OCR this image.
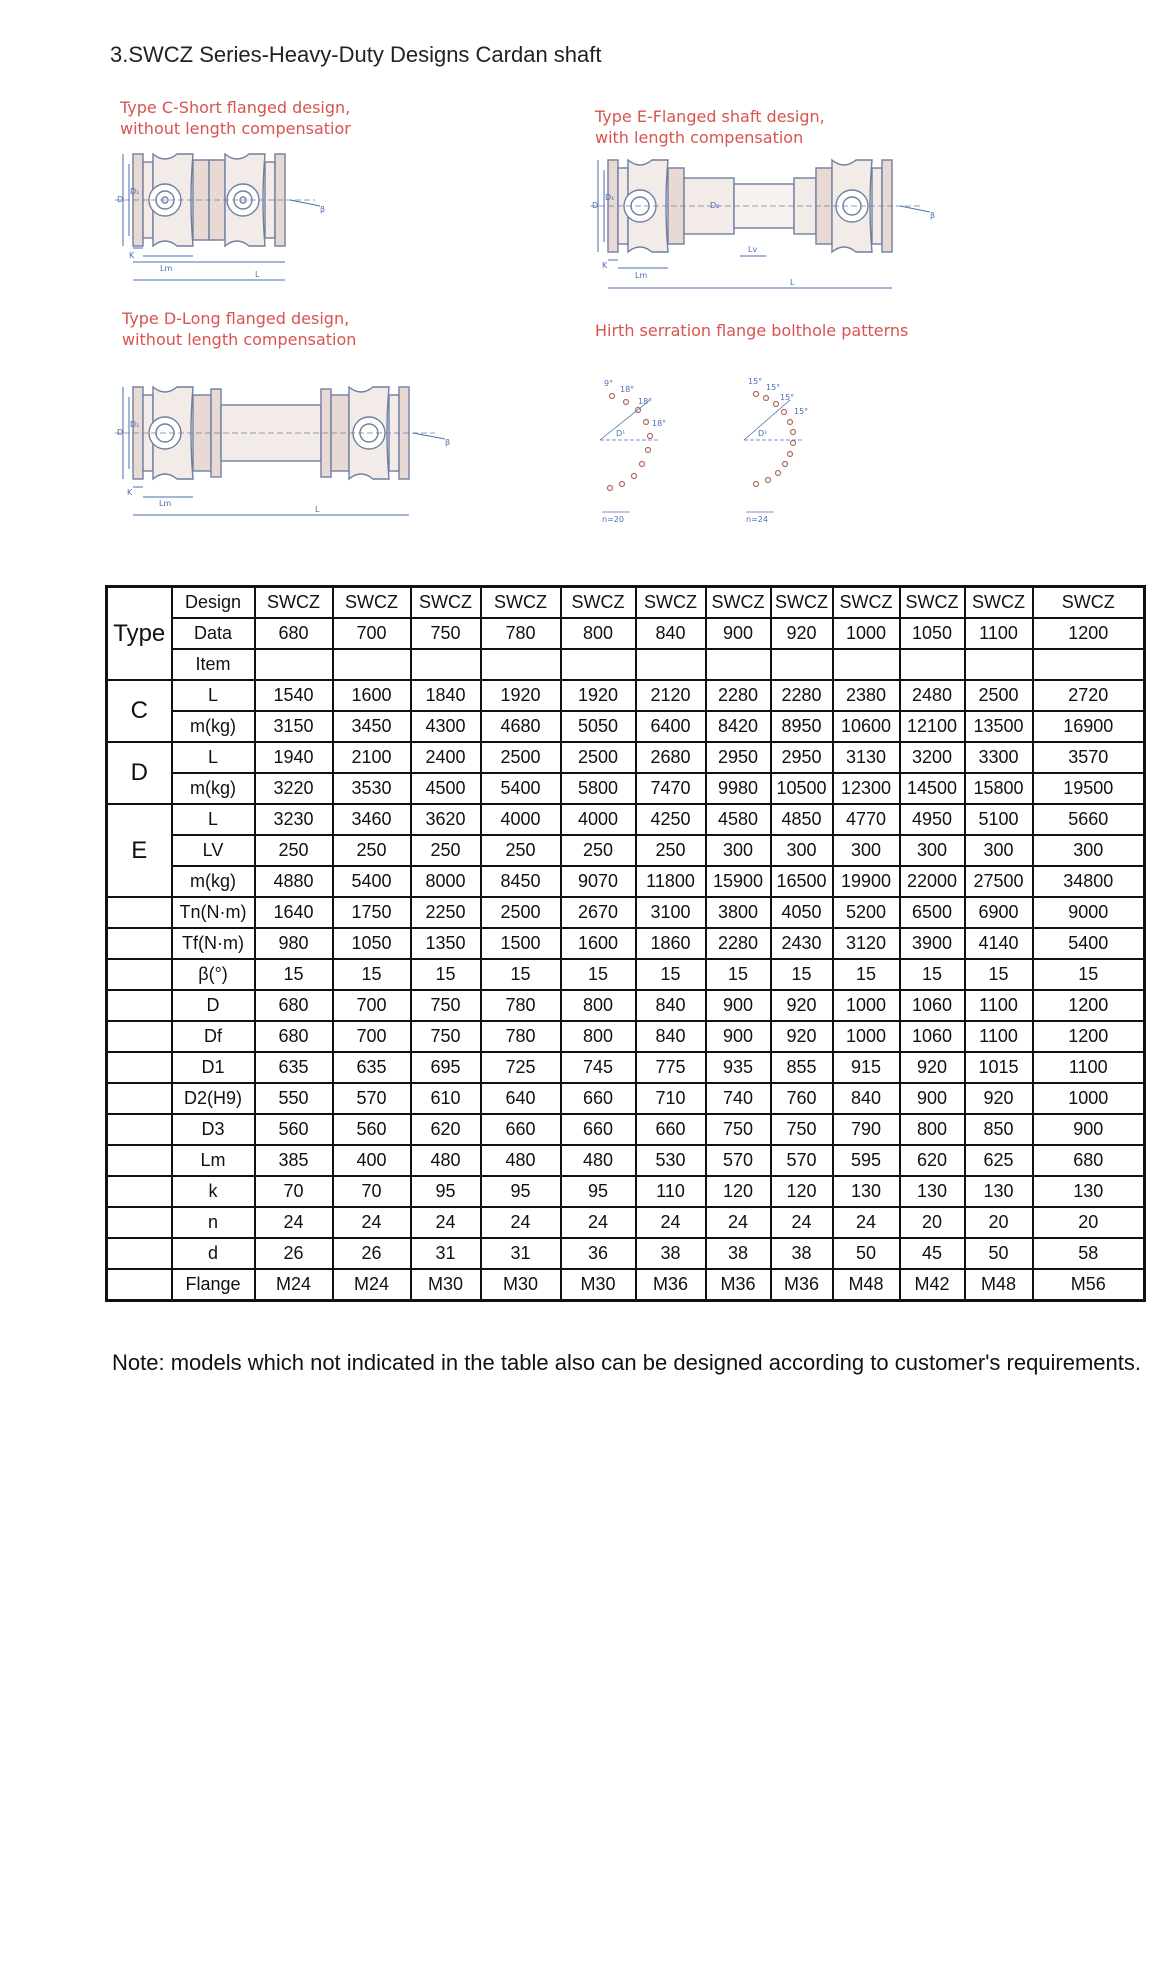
3.SWCZ Series-Heavy-Duty Designs Cardan shaft
Type C-Short flanged design,
without length compensatior
Type E-Flanged shaft design,
with length compensation
Type D-Long flanged design,
without length compensation	Hirth serration flange bolthole patterns
D
D₁
K
Lm
L
β	D
D₁
D₂
K
Lm
Lv
L
β
D
D₁
K
Lm
L
β
9°
18°
18°
18°
D¹
n=20
15°
15°
15°
15°
D¹
n=24
Type	Design	SWCZ	SWCZ	SWCZ	SWCZ	SWCZ	SWCZ	SWCZ	SWCZ	SWCZ	SWCZ	SWCZ	SWCZ
	Data	680	700	750	780	800	840	900	920	1000	1050	1100	1200
	Item												
C	L	1540	1600	1840	1920	1920	2120	2280	2280	2380	2480	2500	2720
	m(kg)	3150	3450	4300	4680	5050	6400	8420	8950	10600	12100	13500	16900
D	L	1940	2100	2400	2500	2500	2680	2950	2950	3130	3200	3300	3570
	m(kg)	3220	3530	4500	5400	5800	7470	9980	10500	12300	14500	15800	19500
E	L	3230	3460	3620	4000	4000	4250	4580	4850	4770	4950	5100	5660
	LV	250	250	250	250	250	250	300	300	300	300	300	300
	m(kg)	4880	5400	8000	8450	9070	11800	15900	16500	19900	22000	27500	34800
	Tn(N·m)	1640	1750	2250	2500	2670	3100	3800	4050	5200	6500	6900	9000
	Tf(N·m)	980	1050	1350	1500	1600	1860	2280	2430	3120	3900	4140	5400
	β(°)	15	15	15	15	15	15	15	15	15	15	15	15
	D	680	700	750	780	800	840	900	920	1000	1060	1100	1200
	Df	680	700	750	780	800	840	900	920	1000	1060	1100	1200
	D1	635	635	695	725	745	775	935	855	915	920	1015	1100
	D2(H9)	550	570	610	640	660	710	740	760	840	900	920	1000
	D3	560	560	620	660	660	660	750	750	790	800	850	900
	Lm	385	400	480	480	480	530	570	570	595	620	625	680
	k	70	70	95	95	95	110	120	120	130	130	130	130
	n	24	24	24	24	24	24	24	24	24	20	20	20
	d	26	26	31	31	36	38	38	38	50	45	50	58
	Flange	M24	M24	M30	M30	M30	M36	M36	M36	M48	M42	M48	M56
Note: models which not indicated in the table also can be designed according to customer's requirements.
